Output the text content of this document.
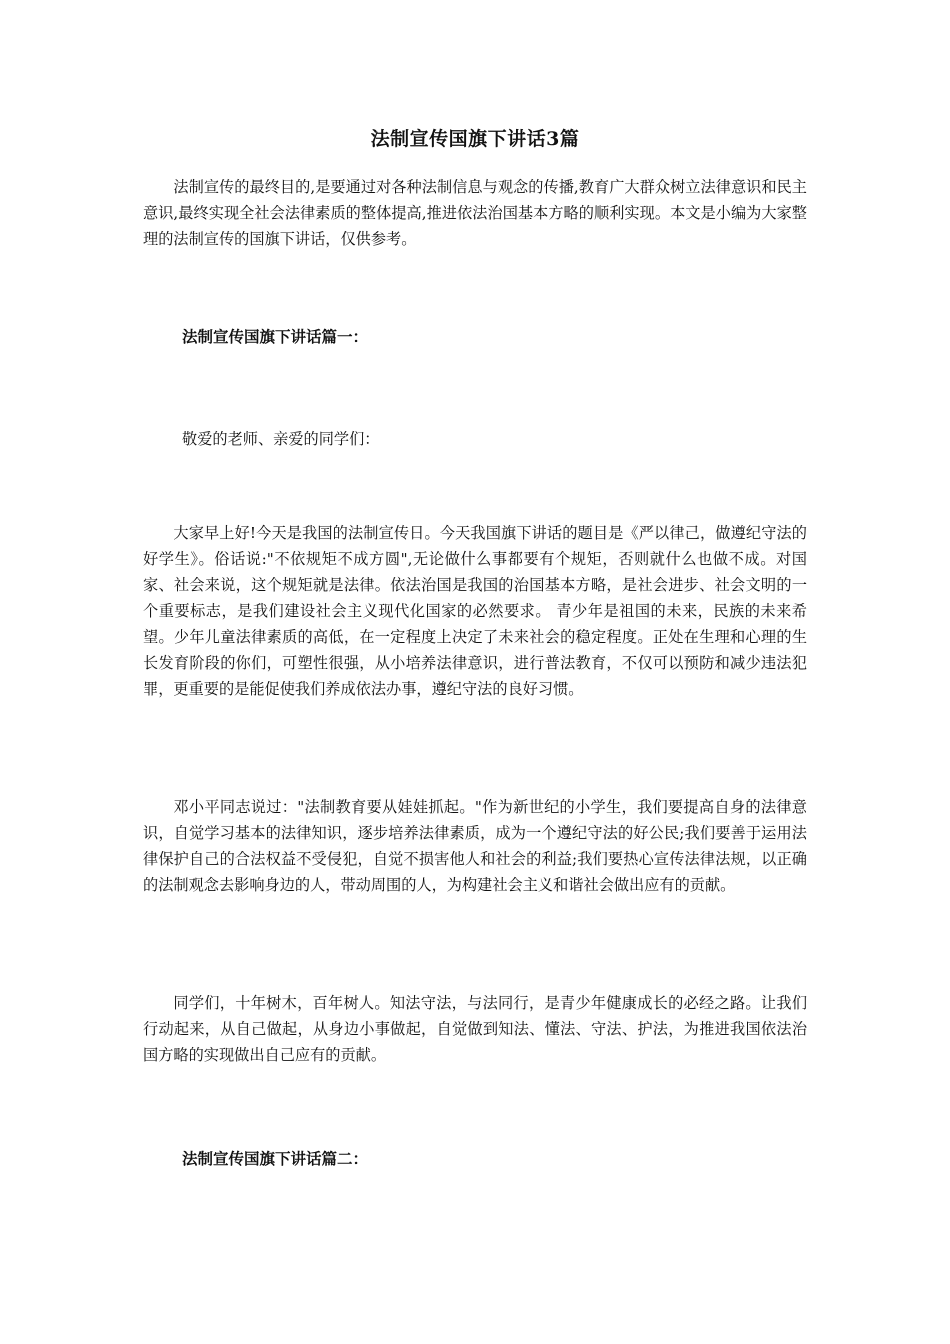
法制宣传国旗下讲话3篇

法制宣传的最终目的,是要通过对各种法制信息与观念的传播,教育广大群众树立法律意识和民主意识,最终实现全社会法律素质的整体提高,推进依法治国基本方略的顺利实现。本文是小编为大家整理的法制宣传的国旗下讲话，仅供参考。

法制宣传国旗下讲话篇一：

敬爱的老师、亲爱的同学们：

大家早上好!今天是我国的法制宣传日。今天我国旗下讲话的题目是《严以律己，做遵纪守法的好学生》。俗话说:"不依规矩不成方圆",无论做什么事都要有个规矩，否则就什么也做不成。对国家、社会来说，这个规矩就是法律。依法治国是我国的治国基本方略，是社会进步、社会文明的一个重要标志，是我们建设社会主义现代化国家的必然要求。 青少年是祖国的未来，民族的未来希望。少年儿童法律素质的高低，在一定程度上决定了未来社会的稳定程度。正处在生理和心理的生长发育阶段的你们，可塑性很强，从小培养法律意识，进行普法教育，不仅可以预防和减少违法犯罪，更重要的是能促使我们养成依法办事，遵纪守法的良好习惯。

邓小平同志说过："法制教育要从娃娃抓起。"作为新世纪的小学生，我们要提高自身的法律意识，自觉学习基本的法律知识，逐步培养法律素质，成为一个遵纪守法的好公民;我们要善于运用法律保护自己的合法权益不受侵犯，自觉不损害他人和社会的利益;我们要热心宣传法律法规，以正确的法制观念去影响身边的人，带动周围的人，为构建社会主义和谐社会做出应有的贡献。

同学们，十年树木，百年树人。知法守法，与法同行，是青少年健康成长的必经之路。让我们行动起来，从自己做起，从身边小事做起，自觉做到知法、懂法、守法、护法，为推进我国依法治国方略的实现做出自己应有的贡献。

法制宣传国旗下讲话篇二：
